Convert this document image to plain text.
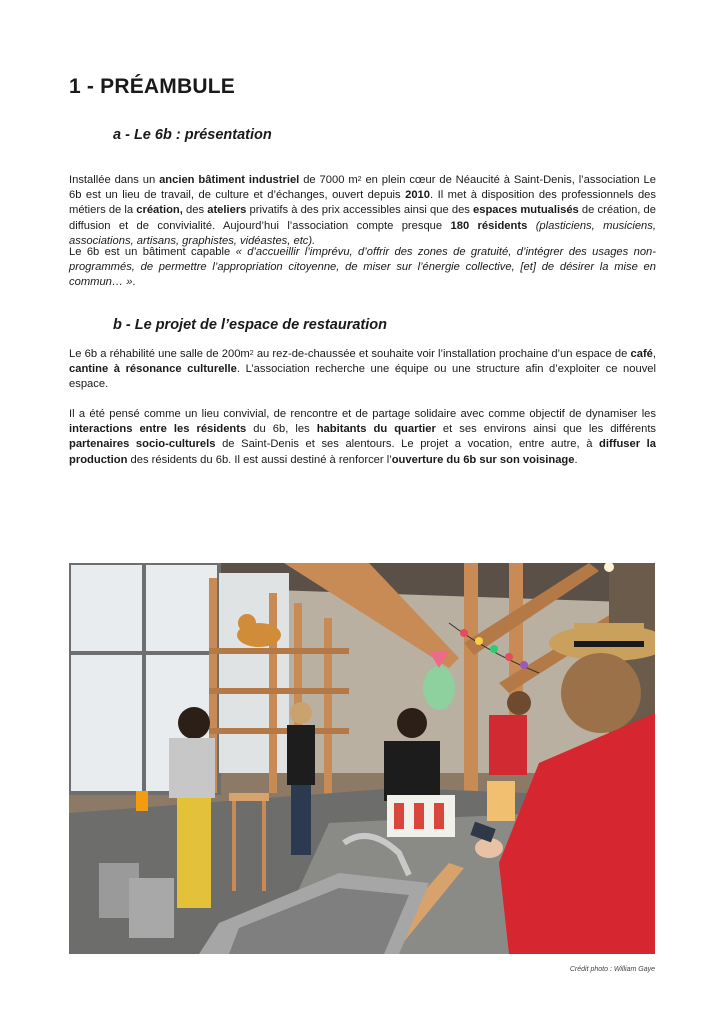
1 - PRÉAMBULE
a - Le 6b : présentation

Installée dans un ancien bâtiment industriel de 7000 $m^2$ en plein cœur de Néaucité à Saint-Denis, l’association Le 6b est un lieu de travail, de culture et d’échanges, ouvert depuis 2010. Il met à disposition des professionnels des métiers de la création, des ateliers privatifs à des prix accessibles ainsi que des espaces mutualisés de création, de diffusion et de convivialité. Aujourd’hui l’association compte presque 180 résidents (plasticiens, musiciens, associations, artisans, graphistes, vidéastes, etc).

Le 6b est un bâtiment capable « d’accueillir l’imprévu, d’offrir des zones de gratuité, d’intégrer des usages non-programmés, de permettre l’appropriation citoyenne, de miser sur l’énergie collective, [et] de désirer la mise en commun… ».

b - Le projet de l’espace de restauration

Le 6b a réhabilité une salle de $200m^2$ au rez-de-chaussée et souhaite voir l’installation prochaine d’un espace de café, cantine à résonance culturelle. L’association recherche une équipe ou une structure afin d’exploiter ce nouvel espace.

Il a été pensé comme un lieu convivial, de rencontre et de partage solidaire avec comme objectif de dynamiser les interactions entre les résidents du 6b, les habitants du quartier et ses environs ainsi que les différents partenaires socio-culturels de Saint-Denis et ses alentours. Le projet a vocation, entre autre, à diffuser la production des résidents du 6b. Il est aussi destiné à renforcer l’ouverture du 6b sur son voisinage.

Crédit photo : William Gaye
